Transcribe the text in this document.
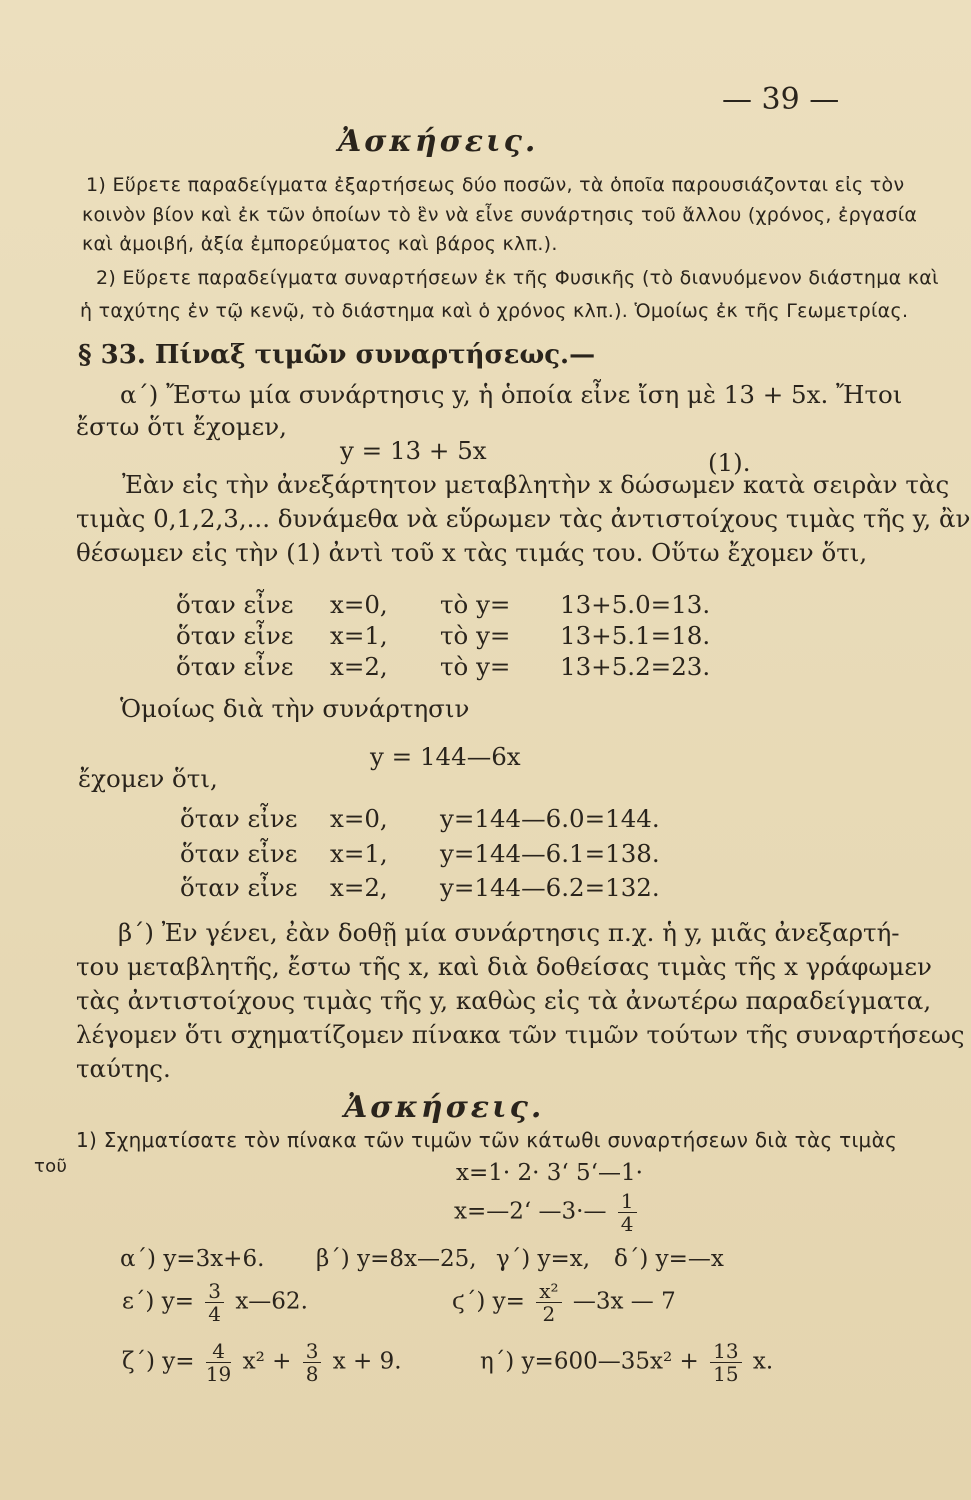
— 39 —
Ἀσκήσεις.
1) Εὕρετε παραδείγματα ἐξαρτήσεως δύο ποσῶν, τὰ ὁποῖα παρουσιάζονται εἰς τὸν
κοινὸν βίον καὶ ἐκ τῶν ὁποίων τὸ ἓν νὰ εἶνε συνάρτησις τοῦ ἄλλου (χρόνος, ἐργασία
καὶ ἀμοιβή, ἀξία ἐμπορεύματος καὶ βάρος κλπ.).
2) Εὕρετε παραδείγματα συναρτήσεων ἐκ τῆς Φυσικῆς (τὸ διανυόμενον διάστημα καὶ
ἡ ταχύτης ἐν τῷ κενῷ, τὸ διάστημα καὶ ὁ χρόνος κλπ.). Ὁμοίως ἐκ τῆς Γεωμετρίας.
§ 33. Πίναξ τιμῶν συναρτήσεως.—
α΄) Ἔστω μία συνάρτησις y, ἡ ὁποία εἶνε ἴση μὲ 13 + 5x. Ἤτοι
ἔστω ὅτι ἔχομεν,
y = 13 + 5x	(1).
Ἐὰν εἰς τὴν ἀνεξάρτητον μεταβλητὴν x δώσωμεν κατὰ σειρὰν τὰς
τιμὰς 0,1,2,3,... δυνάμεθα νὰ εὕρωμεν τὰς ἀντιστοίχους τιμὰς τῆς y, ἂν
θέσωμεν εἰς τὴν (1) ἀντὶ τοῦ x τὰς τιμάς του. Οὕτω ἔχομεν ὅτι,
ὅταν εἶνε x=0, τὸ y= 13+5.0=13.
ὅταν εἶνε x=1, τὸ y= 13+5.1=18.
ὅταν εἶνε x=2, τὸ y= 13+5.2=23.
Ὁμοίως διὰ τὴν συνάρτησιν
y = 144—6x
ἔχομεν ὅτι,
ὅταν εἶνε x=0, y=144—6.0=144.
ὅταν εἶνε x=1, y=144—6.1=138.
ὅταν εἶνε x=2, y=144—6.2=132.
β΄) Ἐν γένει, ἐὰν δοθῇ μία συνάρτησις π.χ. ἡ y, μιᾶς ἀνεξαρτή-
του μεταβλητῆς, ἔστω τῆς x, καὶ διὰ δοθείσας τιμὰς τῆς x γράφωμεν
τὰς ἀντιστοίχους τιμὰς τῆς y, καθὼς εἰς τὰ ἀνωτέρω παραδείγματα,
λέγομεν ὅτι σχηματίζομεν πίνακα τῶν τιμῶν τούτων τῆς συναρτήσεως
ταύτης.
Ἀσκήσεις.
1) Σχηματίσατε τὸν πίνακα τῶν τιμῶν τῶν κάτωθι συναρτήσεων διὰ τὰς τιμὰς
τοῦ	x=1· 2· 3‘ 5‘—1·
x=—2‘ —3·— $\frac{1}{4}$
α΄) y=3x+6. β΄) y=8x—25, γ΄) y=x, δ΄) y=—x
ε΄) $y= \frac{3}{4}$ x—62.	ϛ΄) $y= \frac{\text{x²}}{2}$ —3x — 7
ζ΄) $y= \frac{4}{19} x^2 + \frac{3}{8}$ x + 9.	η΄) y=600—35x² + $\frac{13}{15} x$.
